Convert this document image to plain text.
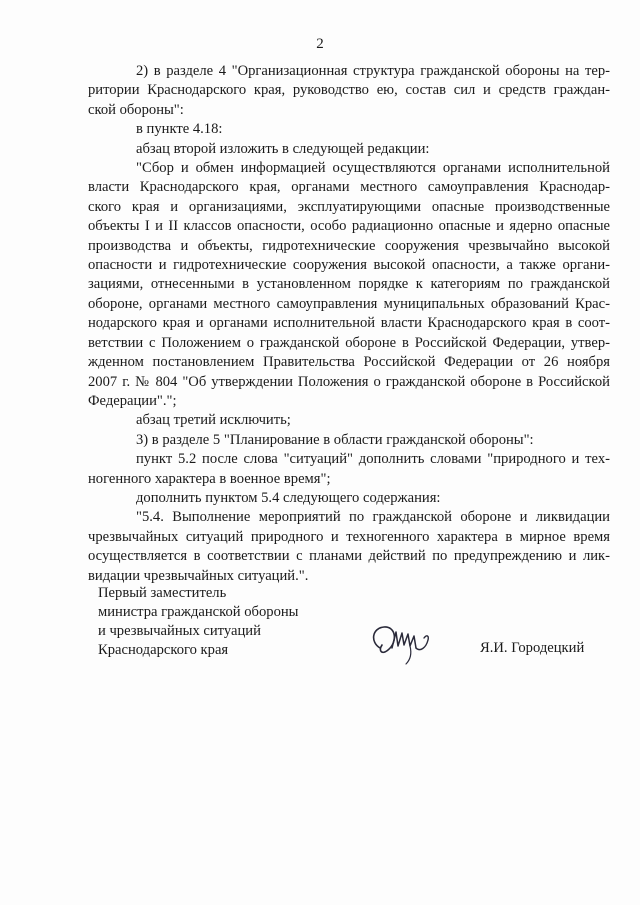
2
2) в разделе 4 "Организационная структура гражданской обороны на тер-
ритории Краснодарского края, руководство ею, состав сил и средств граждан-
ской обороны":
в пункте 4.18:
абзац второй изложить в следующей редакции:
"Сбор и обмен информацией осуществляются органами исполнительной
власти Краснодарского края, органами местного самоуправления Краснодар-
ского края и организациями, эксплуатирующими опасные производственные
объекты I и II классов опасности, особо радиационно опасные и ядерно опасные
производства и объекты, гидротехнические сооружения чрезвычайно высокой
опасности и гидротехнические сооружения высокой опасности, а также органи-
зациями, отнесенными в установленном порядке к категориям по гражданской
обороне, органами местного самоуправления муниципальных образований Крас-
нодарского края и органами исполнительной власти Краснодарского края в соот-
ветствии с Положением о гражданской обороне в Российской Федерации, утвер-
жденном постановлением Правительства Российской Федерации от 26 ноября
2007 г. № 804 "Об утверждении Положения о гражданской обороне в Российской
Федерации".";
абзац третий исключить;
3) в разделе 5 "Планирование в области гражданской обороны":
пункт 5.2 после слова "ситуаций" дополнить словами "природного и тех-
ногенного характера в военное время";
дополнить пунктом 5.4 следующего содержания:
"5.4. Выполнение мероприятий по гражданской обороне и ликвидации
чрезвычайных ситуаций природного и техногенного характера в мирное время
осуществляется в соответствии с планами действий по предупреждению и лик-
видации чрезвычайных ситуаций.".
Первый заместитель
министра гражданской обороны
и чрезвычайных ситуаций
Краснодарского края	Я.И. Городецкий
